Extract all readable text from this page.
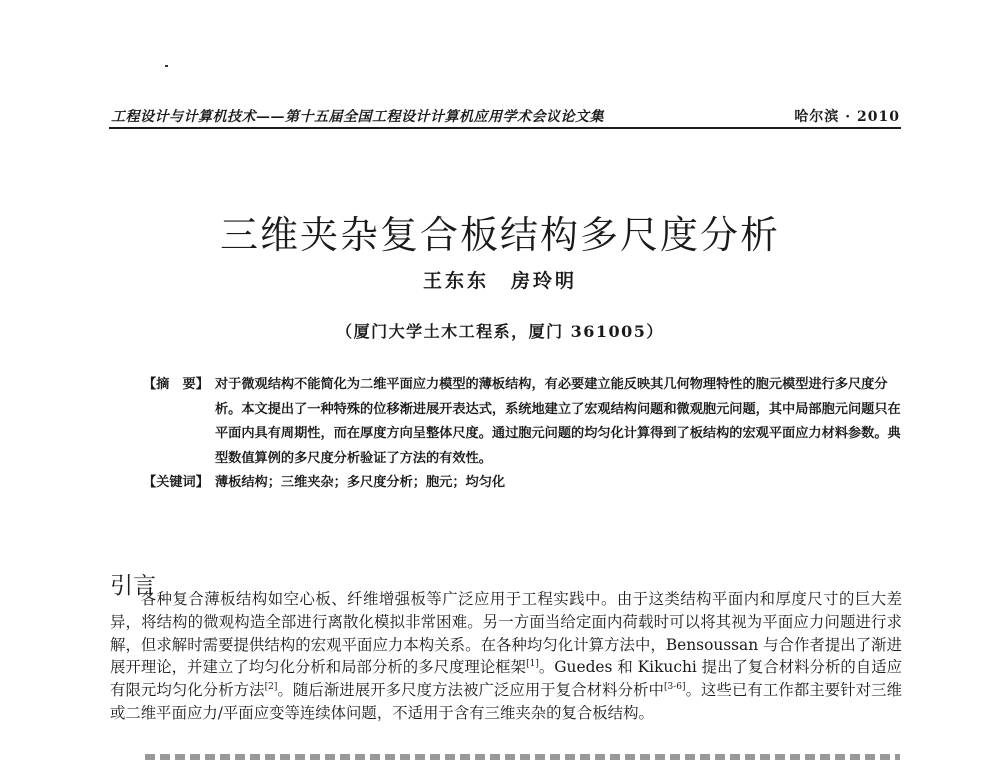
工程设计与计算机技术——第十五届全国工程设计计算机应用学术会议论文集	哈尔滨 · 2010
三维夹杂复合板结构多尺度分析
王东东　房玲明
（厦门大学土木工程系，厦门 361005）
【摘　要】 对于微观结构不能简化为二维平面应力模型的薄板结构，有必要建立能反映其几何物理特性的胞元模型进行多尺度分析。本文提出了一种特殊的位移渐进展开表达式，系统地建立了宏观结构问题和微观胞元问题，其中局部胞元问题只在平面内具有周期性，而在厚度方向呈整体尺度。通过胞元问题的均匀化计算得到了板结构的宏观平面应力材料参数。典型数值算例的多尺度分析验证了方法的有效性。
【关键词】 薄板结构；三维夹杂；多尺度分析；胞元；均匀化
引言

各种复合薄板结构如空心板、纤维增强板等广泛应用于工程实践中。由于这类结构平面内和厚度尺寸的巨大差异，将结构的微观构造全部进行离散化模拟非常困难。另一方面当给定面内荷载时可以将其视为平面应力问题进行求解，但求解时需要提供结构的宏观平面应力本构关系。在各种均匀化计算方法中，Bensoussan 与合作者提出了渐进展开理论，并建立了均匀化分析和局部分析的多尺度理论框架[1]。Guedes 和 Kikuchi 提出了复合材料分析的自适应有限元均匀化分析方法[2]。随后渐进展开多尺度方法被广泛应用于复合材料分析中[3-6]。这些已有工作都主要针对三维或二维平面应力/平面应变等连续体问题，不适用于含有三维夹杂的复合板结构。
